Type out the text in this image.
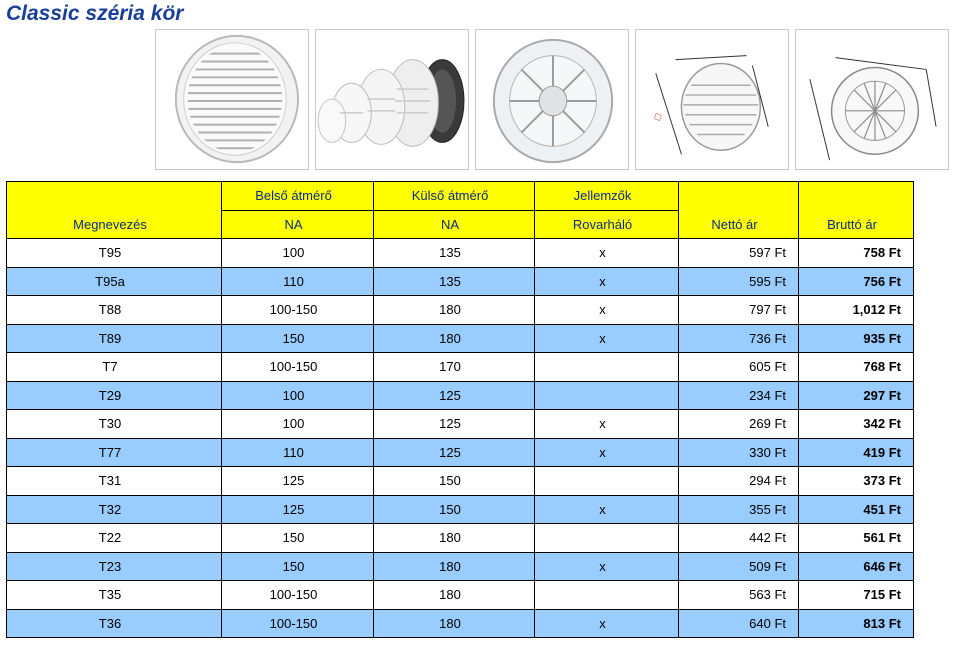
Classic széria kör
□
	Belső átmérő	Külső átmérő	Jellemzők		
Megnevezés	NA	NA	Rovarháló	Nettó ár	Bruttó ár
T95	100	135	x	597 Ft	758 Ft
T95a	110	135	x	595 Ft	756 Ft
T88	100-150	180	x	797 Ft	1,012 Ft
T89	150	180	x	736 Ft	935 Ft
T7	100-150	170		605 Ft	768 Ft
T29	100	125		234 Ft	297 Ft
T30	100	125	x	269 Ft	342 Ft
T77	110	125	x	330 Ft	419 Ft
T31	125	150		294 Ft	373 Ft
T32	125	150	x	355 Ft	451 Ft
T22	150	180		442 Ft	561 Ft
T23	150	180	x	509 Ft	646 Ft
T35	100-150	180		563 Ft	715 Ft
T36	100-150	180	x	640 Ft	813 Ft
